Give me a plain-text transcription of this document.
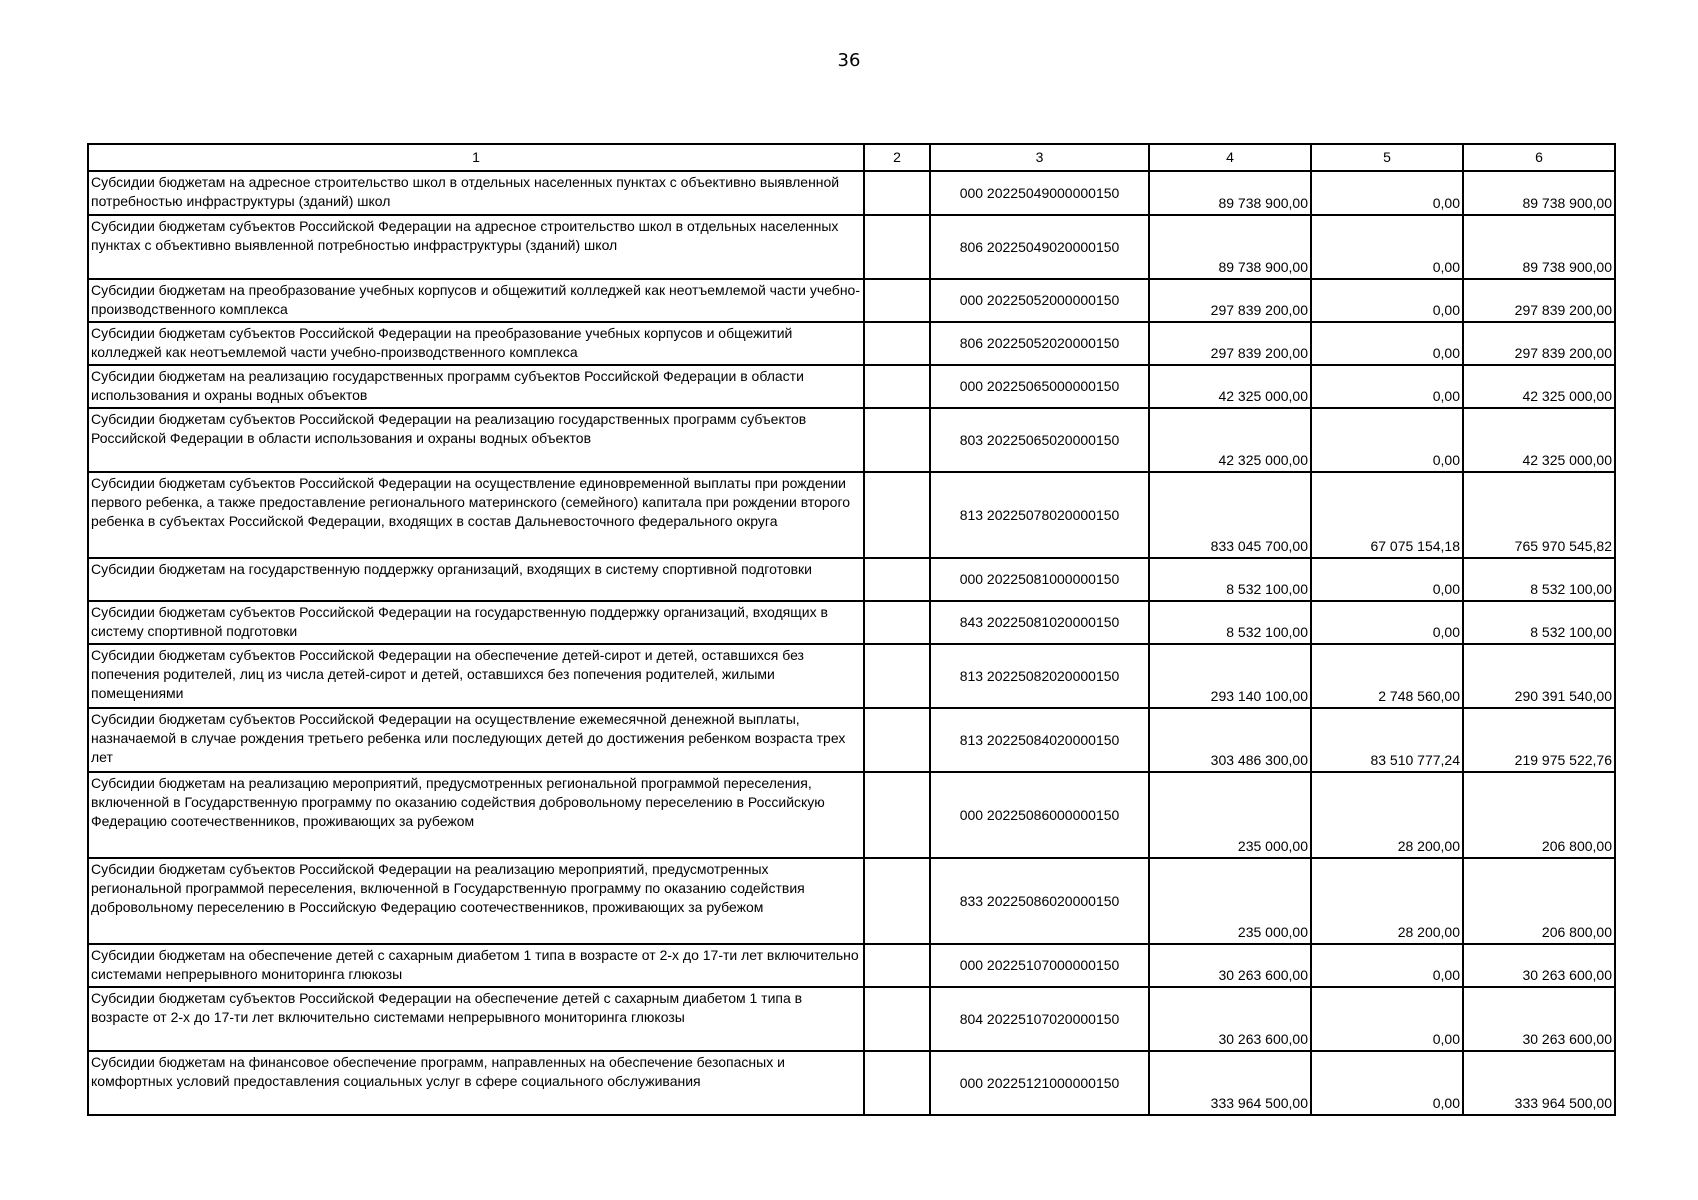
36
1	2	3	4	5	6
Субсидии бюджетам на адресное строительство школ в отдельных населенных пунктах с объективно выявленной потребностью инфраструктуры (зданий) школ		000 20225049000000150	89 738 900,00	0,00	89 738 900,00
Субсидии бюджетам субъектов Российской Федерации на адресное строительство школ в отдельных населенных пунктах с объективно выявленной потребностью инфраструктуры (зданий) школ		806 20225049020000150	89 738 900,00	0,00	89 738 900,00
Субсидии бюджетам на преобразование учебных корпусов и общежитий колледжей как неотъемлемой части учебно-производственного комплекса		000 20225052000000150	297 839 200,00	0,00	297 839 200,00
Субсидии бюджетам субъектов Российской Федерации на преобразование учебных корпусов и общежитий колледжей как неотъемлемой части учебно-производственного комплекса		806 20225052020000150	297 839 200,00	0,00	297 839 200,00
Субсидии бюджетам на реализацию государственных программ субъектов Российской Федерации в области использования и охраны водных объектов		000 20225065000000150	42 325 000,00	0,00	42 325 000,00
Субсидии бюджетам субъектов Российской Федерации на реализацию государственных программ субъектов Российской Федерации в области использования и охраны водных объектов		803 20225065020000150	42 325 000,00	0,00	42 325 000,00
Субсидии бюджетам субъектов Российской Федерации на осуществление единовременной выплаты при рождении первого ребенка, а также предоставление регионального материнского (семейного) капитала при рождении второго ребенка в субъектах Российской Федерации, входящих в состав Дальневосточного федерального округа		813 20225078020000150	833 045 700,00	67 075 154,18	765 970 545,82
Субсидии бюджетам на государственную поддержку организаций, входящих в систему спортивной подготовки		000 20225081000000150	8 532 100,00	0,00	8 532 100,00
Субсидии бюджетам субъектов Российской Федерации на государственную поддержку организаций, входящих в систему спортивной подготовки		843 20225081020000150	8 532 100,00	0,00	8 532 100,00
Субсидии бюджетам субъектов Российской Федерации на обеспечение детей-сирот и детей, оставшихся без попечения родителей, лиц из числа детей-сирот и детей, оставшихся без попечения родителей, жилыми помещениями		813 20225082020000150	293 140 100,00	2 748 560,00	290 391 540,00
Субсидии бюджетам субъектов Российской Федерации на осуществление ежемесячной денежной выплаты, назначаемой в случае рождения третьего ребенка или последующих детей до достижения ребенком возраста трех лет		813 20225084020000150	303 486 300,00	83 510 777,24	219 975 522,76
Субсидии бюджетам на реализацию мероприятий, предусмотренных региональной программой переселения, включенной в Государственную программу по оказанию содействия добровольному переселению в Российскую Федерацию соотечественников, проживающих за рубежом		000 20225086000000150	235 000,00	28 200,00	206 800,00
Субсидии бюджетам субъектов Российской Федерации на реализацию мероприятий, предусмотренных региональной программой переселения, включенной в Государственную программу по оказанию содействия добровольному переселению в Российскую Федерацию соотечественников, проживающих за рубежом		833 20225086020000150	235 000,00	28 200,00	206 800,00
Субсидии бюджетам на обеспечение детей с сахарным диабетом 1 типа в возрасте от 2-х до 17-ти лет включительно системами непрерывного мониторинга глюкозы		000 20225107000000150	30 263 600,00	0,00	30 263 600,00
Субсидии бюджетам субъектов Российской Федерации на обеспечение детей с сахарным диабетом 1 типа в возрасте от 2-х до 17-ти лет включительно системами непрерывного мониторинга глюкозы		804 20225107020000150	30 263 600,00	0,00	30 263 600,00
Субсидии бюджетам на финансовое обеспечение программ, направленных на обеспечение безопасных и комфортных условий предоставления социальных услуг в сфере социального обслуживания		000 20225121000000150	333 964 500,00	0,00	333 964 500,00
